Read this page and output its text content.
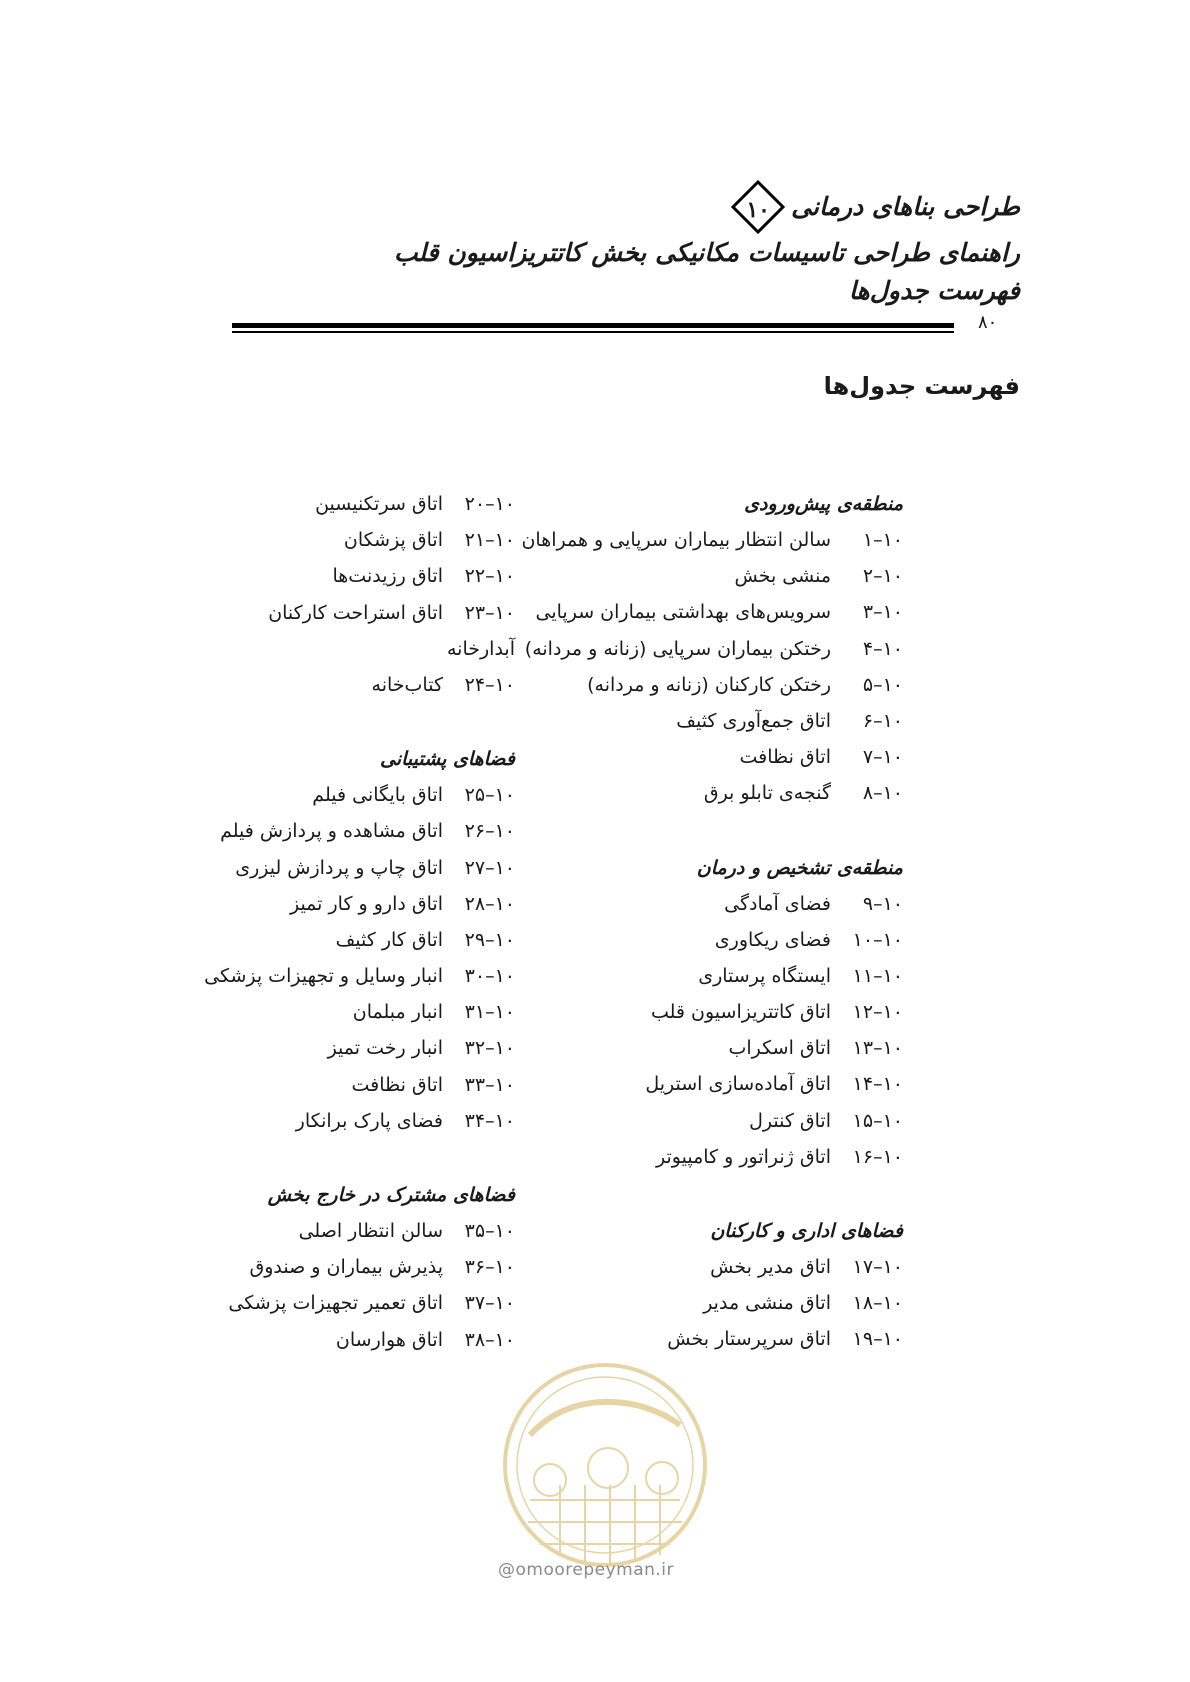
طراحی بناهای درمانی
۱۰
راهنمای طراحی تاسیسات مکانیکی بخش کاتتریزاسیون قلب
فهرست جدول‌ها
۸۰
فهرست جدول‌ها
منطقه‌ی پیش‌ورودی
۱۰–۱سالن انتظار بیماران سرپایی و همراهان
۱۰–۲منشی بخش
۱۰–۳سرویس‌های بهداشتی بیماران سرپایی
۱۰–۴رختکن بیماران سرپایی (زنانه و مردانه)
۱۰–۵رختکن کارکنان (زنانه و مردانه)
۱۰–۶اتاق جمع‌آوری کثیف
۱۰–۷اتاق نظافت
۱۰–۸گنجه‌ی تابلو برق
منطقه‌ی تشخیص و درمان
۱۰–۹فضای آمادگی
۱۰–۱۰فضای ریکاوری
۱۰–۱۱ایستگاه پرستاری
۱۰–۱۲اتاق کاتتریزاسیون قلب
۱۰–۱۳اتاق اسکراب
۱۰–۱۴اتاق آماده‌سازی استریل
۱۰–۱۵اتاق کنترل
۱۰–۱۶اتاق ژنراتور و کامپیوتر
فضاهای اداری و کارکنان
۱۰–۱۷اتاق مدیر بخش
۱۰–۱۸اتاق منشی مدیر
۱۰–۱۹اتاق سرپرستار بخش
۱۰–۲۰اتاق سرتکنیسین
۱۰–۲۱اتاق پزشکان
۱۰–۲۲اتاق رزیدنت‌ها
۱۰–۲۳اتاق استراحت کارکنان
آبدارخانه
۱۰–۲۴کتاب‌خانه
فضاهای پشتیبانی
۱۰–۲۵اتاق بایگانی فیلم
۱۰–۲۶اتاق مشاهده و پردازش فیلم
۱۰–۲۷اتاق چاپ و پردازش لیزری
۱۰–۲۸اتاق دارو و کار تمیز
۱۰–۲۹اتاق کار کثیف
۱۰–۳۰انبار وسایل و تجهیزات پزشکی
۱۰–۳۱انبار مبلمان
۱۰–۳۲انبار رخت تمیز
۱۰–۳۳اتاق نظافت
۱۰–۳۴فضای پارک برانکار
فضاهای مشترک در خارج بخش
۱۰–۳۵سالن انتظار اصلی
۱۰–۳۶پذیرش بیماران و صندوق
۱۰–۳۷اتاق تعمیر تجهیزات پزشکی
۱۰–۳۸اتاق هوارسان
@omoorepeyman.ir
